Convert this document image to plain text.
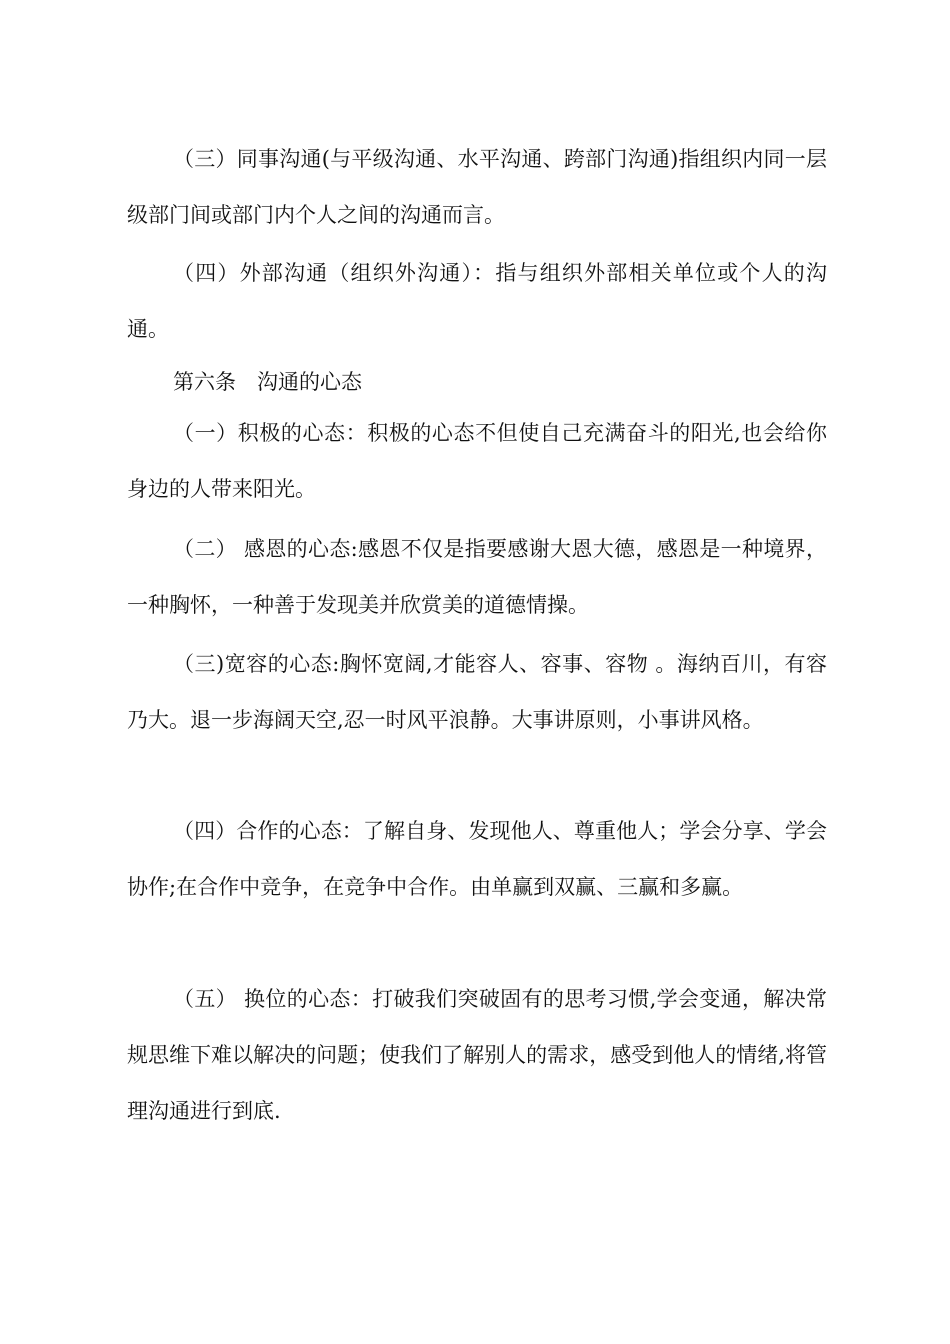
（三）同事沟通(与平级沟通、水平沟通、跨部门沟通)指组织内同一层级部门间或部门内个人之间的沟通而言。

（四）外部沟通（组织外沟通）：指与组织外部相关单位或个人的沟通。

第六条　沟通的心态

（一）积极的心态：积极的心态不但使自己充满奋斗的阳光,也会给你身边的人带来阳光。

（二） 感恩的心态:感恩不仅是指要感谢大恩大德，感恩是一种境界，一种胸怀，一种善于发现美并欣赏美的道德情操。

（三)宽容的心态:胸怀宽阔,才能容人、容事、容物 。海纳百川，有容乃大。退一步海阔天空,忍一时风平浪静。大事讲原则，小事讲风格。

（四）合作的心态：了解自身、发现他人、尊重他人；学会分享、学会协作;在合作中竞争，在竞争中合作。由单赢到双赢、三赢和多赢。

（五） 换位的心态：打破我们突破固有的思考习惯,学会变通，解决常规思维下难以解决的问题；使我们了解别人的需求，感受到他人的情绪,将管理沟通进行到底.
